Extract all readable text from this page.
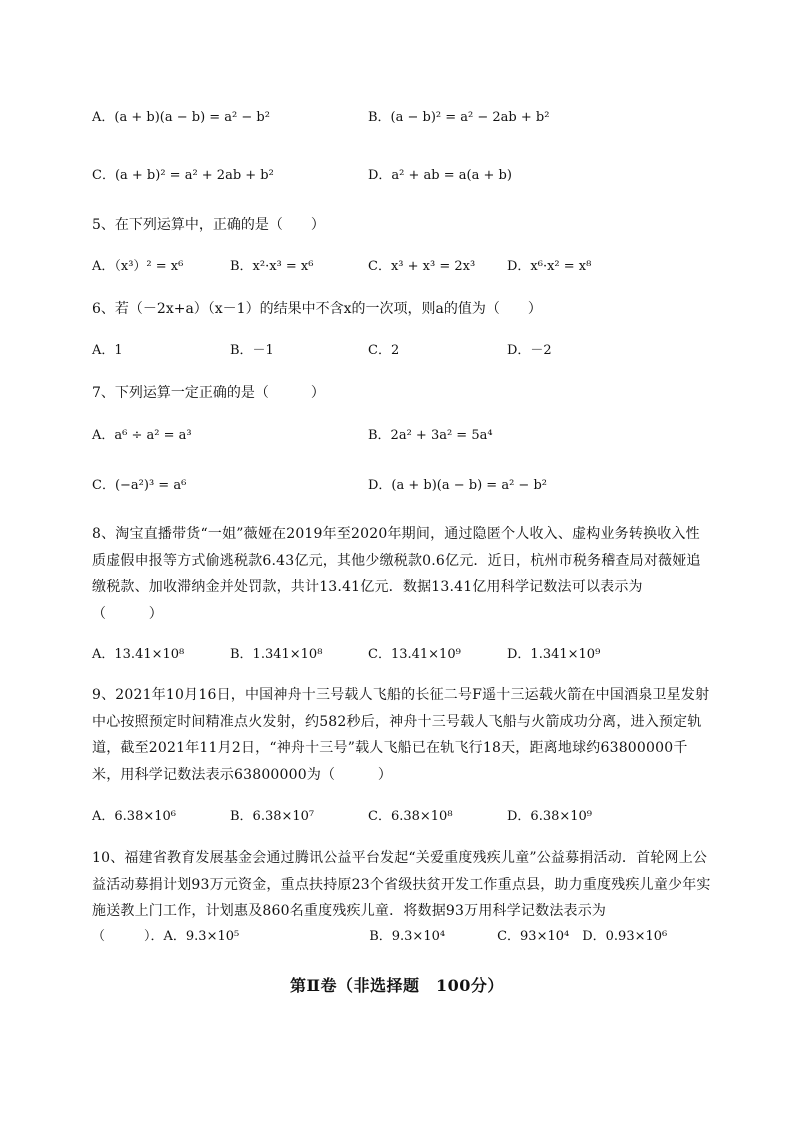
A．(a + b)(a − b) = a² − b²	B．(a − b)² = a² − 2ab + b²
C．(a + b)² = a² + 2ab + b²	D．a² + ab = a(a + b)
5、在下列运算中，正确的是（　　）
A．（x³）² = x⁶	B．x²·x³ = x⁶	C．x³ + x³ = 2x³ D．x⁶·x² = x⁸
6、若（－2x+a）（x－1）的结果中不含x的一次项，则a的值为（　　）
A．1	B．－1	C．2	D．－2
7、下列运算一定正确的是（　　　）
A．a⁶ ÷ a² = a³	B．2a² + 3a² = 5a⁴
C．(−a²)³ = a⁶	D．(a + b)(a − b) = a² − b²
8、淘宝直播带货“一姐”薇娅在2019年至2020年期间，通过隐匿个人收入、虚构业务转换收入性
质虚假申报等方式偷逃税款6.43亿元，其他少缴税款0.6亿元．近日，杭州市税务稽查局对薇娅追
缴税款、加收滞纳金并处罚款，共计13.41亿元．数据13.41亿用科学记数法可以表示为
（　　　）
A．13.41×10⁸	B．1.341×10⁸	C．13.41×10⁹	D．1.341×10⁹
9、2021年10月16日，中国神舟十三号载人飞船的长征二号F遥十三运载火箭在中国酒泉卫星发射
中心按照预定时间精准点火发射，约582秒后，神舟十三号载人飞船与火箭成功分离，进入预定轨
道，截至2021年11月2日，“神舟十三号”载人飞船已在轨飞行18天，距离地球约63800000千
米，用科学记数法表示63800000为（　　　）
A．6.38×10⁶	B．6.38×10⁷	C．6.38×10⁸	D．6.38×10⁹
10、福建省教育发展基金会通过腾讯公益平台发起“关爱重度残疾儿童”公益募捐活动．首轮网上公
益活动募捐计划93万元资金，重点扶持原23个省级扶贫开发工作重点县，助力重度残疾儿童少年实
施送教上门工作，计划惠及860名重度残疾儿童．将数据93万用科学记数法表示为
（　　　）．A．9.3×10⁵　　　　　　　　　　B．9.3×10⁴　　　　C．93×10⁴　D．0.93×10⁶
第Ⅱ卷（非选择题　100分）
